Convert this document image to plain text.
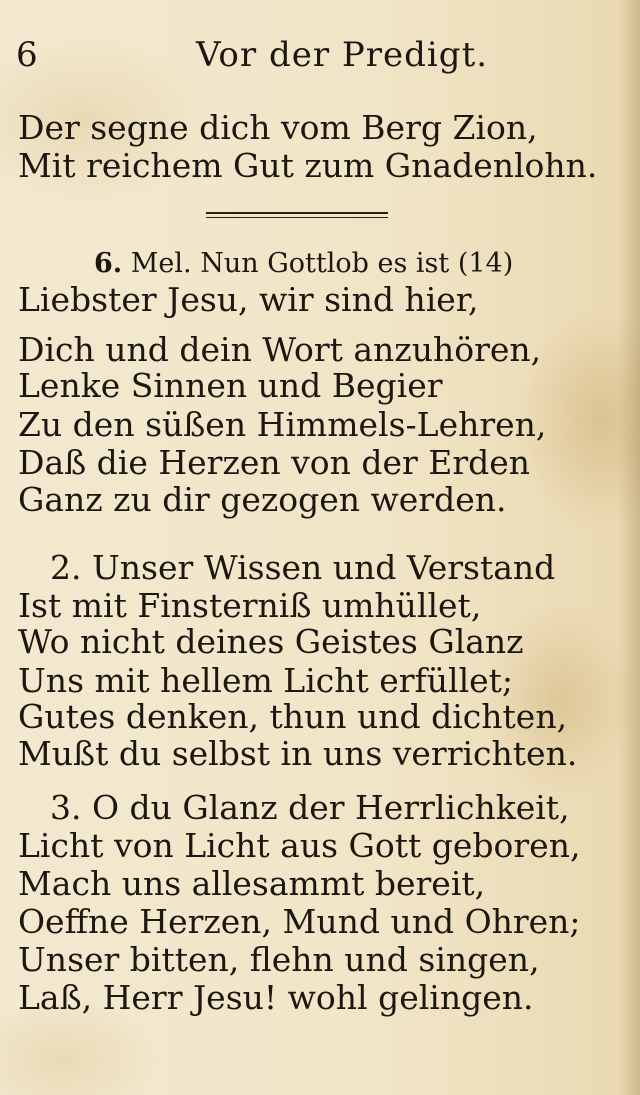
6	Vor der Predigt.
Der segne dich vom Berg Zion,
Mit reichem Gut zum Gnadenlohn.
6. Mel. Nun Gottlob es ist (14)
Liebster Jesu, wir sind hier,
Dich und dein Wort anzuhören,
Lenke Sinnen und Begier
Zu den süßen Himmels-Lehren,
Daß die Herzen von der Erden
Ganz zu dir gezogen werden.
2. Unser Wissen und Verstand
Ist mit Finsterniß umhüllet,
Wo nicht deines Geistes Glanz
Uns mit hellem Licht erfüllet;
Gutes denken, thun und dichten,
Mußt du selbst in uns verrichten.
3. O du Glanz der Herrlichkeit,
Licht von Licht aus Gott geboren,
Mach uns allesammt bereit,
Oeffne Herzen, Mund und Ohren;
Unser bitten, flehn und singen,
Laß, Herr Jesu! wohl gelingen.
